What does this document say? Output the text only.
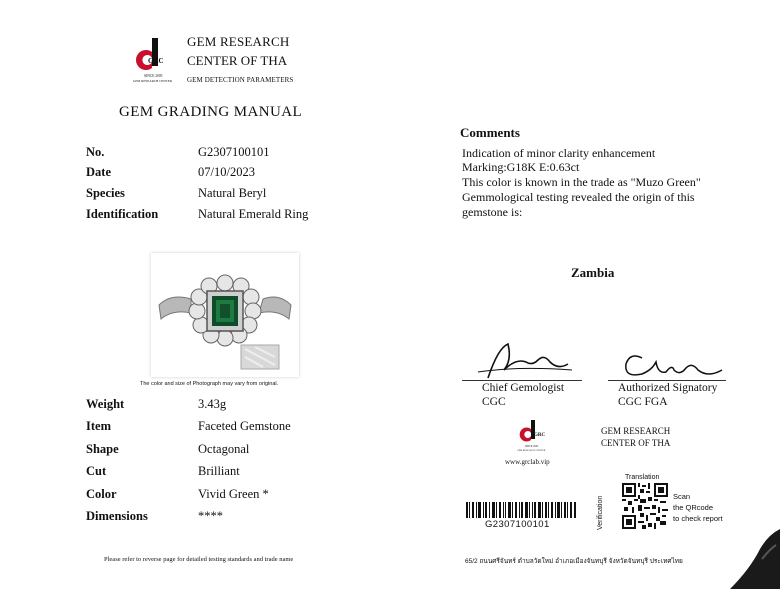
GRC
SINCE 2005
GEM RESEARCH CENTER
GEM RESEARCH
CENTER OF THA
GEM DETECTION PARAMETERS
GEM GRADING MANUAL
No.	G2307100101
Date	07/10/2023
Species	Natural Beryl
Identification	Natural Emerald Ring
The color and size of Photograph may vary from original.
Weight	3.43g
Item	Faceted Gemstone
Shape	Octagonal
Cut	Brilliant
Color	Vivid Green *
Dimensions	****
Please refer to reverse page for detailed testing standards and trade name
Comments
Indication of minor clarity enhancement
Marking:G18K E:0.63ct
This color is known in the trade as "Muzo Green"
Gemmological testing revealed the origin of this
gemstone is:
Zambia
Chief Gemologist
CGC
Authorized Signatory
CGC FGA
GRC
SINCE 2005
GEM RESEARCH CENTER
www.grclab.vip
GEM RESEARCH
CENTER OF THA
G2307100101
Translation
Verification	Scan
the QRcode
to check report
65/2 ถนนศรีจันทร์ ตำบลวัดใหม่ อำเภอเมืองจันทบุรี จังหวัดจันทบุรี ประเทศไทย
